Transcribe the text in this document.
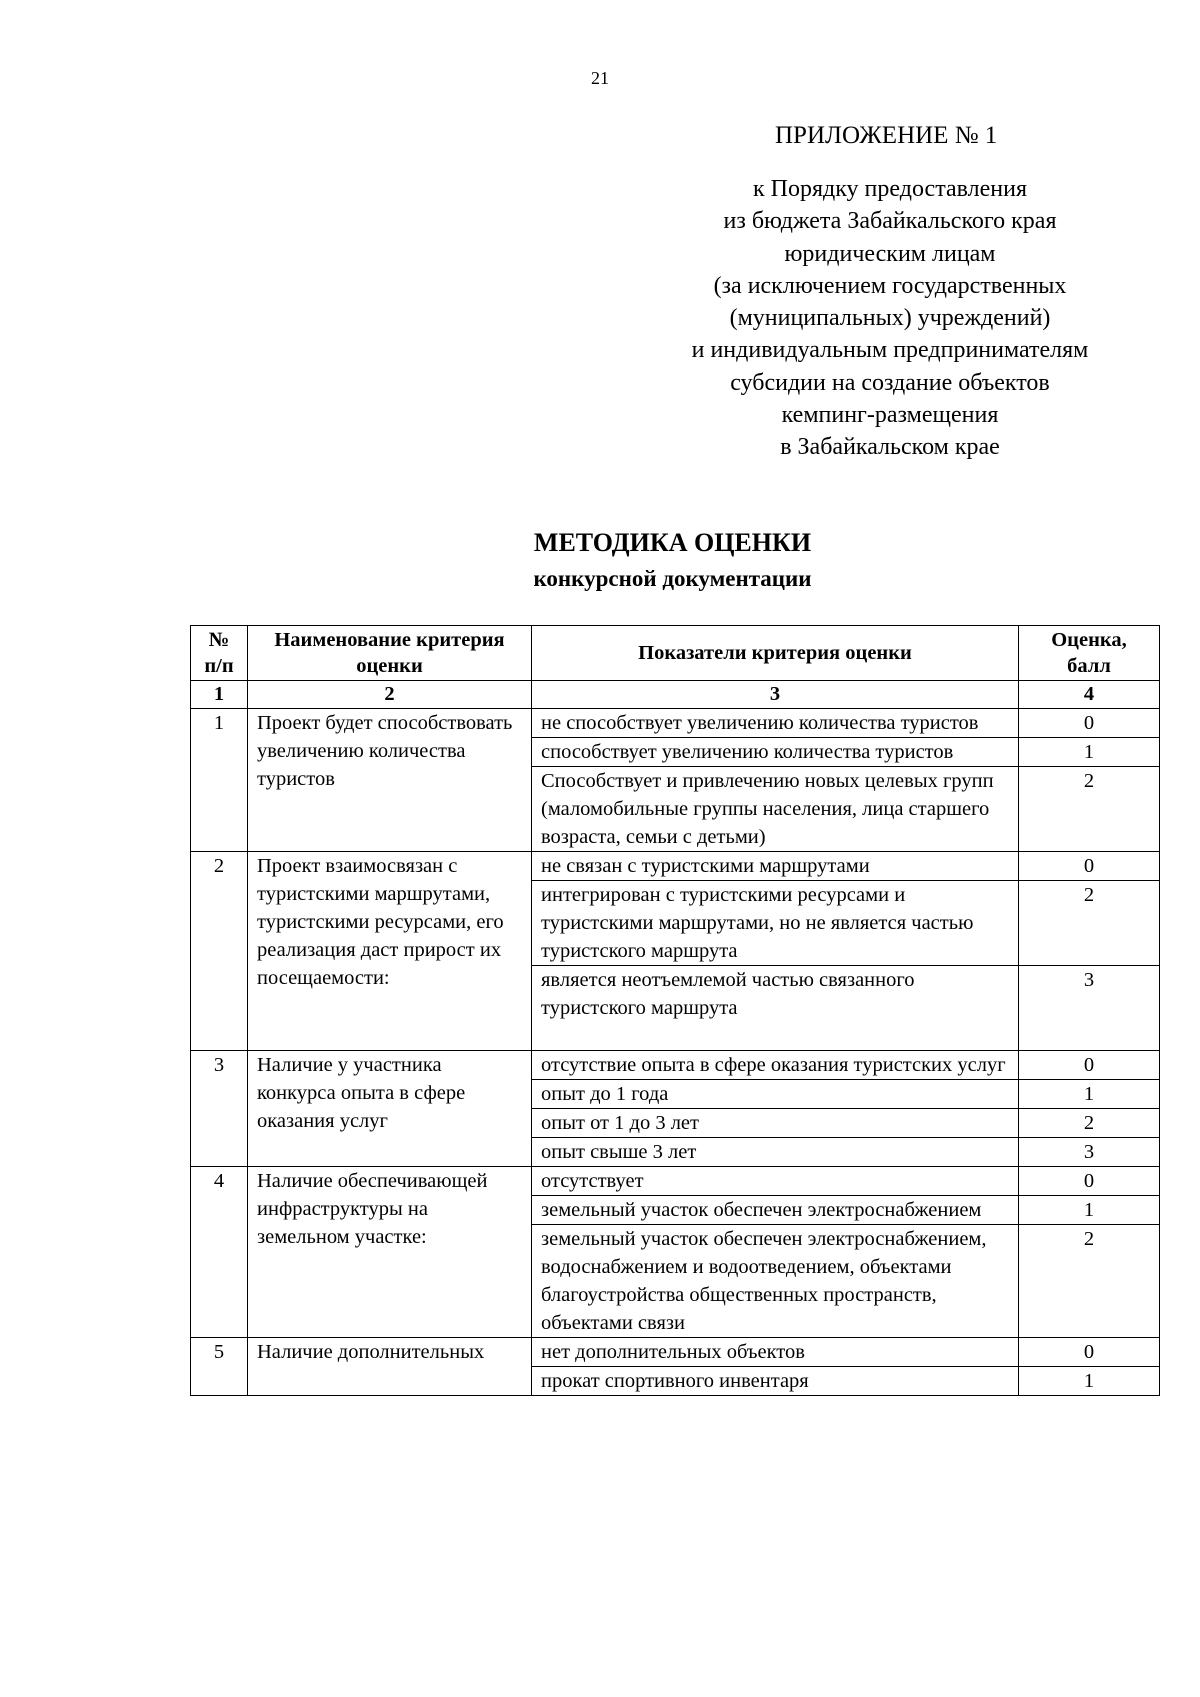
21
ПРИЛОЖЕНИЕ № 1
к Порядку предоставления
из бюджета Забайкальского края
юридическим лицам
(за исключением государственных
(муниципальных) учреждений)
и индивидуальным предпринимателям
субсидии на создание объектов
кемпинг-размещения
в Забайкальском крае
МЕТОДИКА ОЦЕНКИ
конкурсной документации
№ п/п	Наименование критерия оценки	Показатели критерия оценки	Оценка, балл
1	2	3	4
1	Проект будет способствовать увеличению количества туристов	не способствует увеличению количества туристов	0
		способствует увеличению количества туристов	1
		Способствует и привлечению новых целевых групп (маломобильные группы населения, лица старшего возраста, семьи с детьми)	2
2	Проект взаимосвязан с туристскими маршрутами, туристскими ресурсами, его реализация даст прирост их посещаемости:	не связан с туристскими маршрутами	0
		интегрирован с туристскими ресурсами и туристскими маршрутами, но не является частью туристского маршрута	2
		является неотъемлемой частью связанного туристского маршрута	3
3	Наличие у участника конкурса опыта в сфере оказания услуг	отсутствие опыта в сфере оказания туристских услуг	0
		опыт до 1 года	1
		опыт от 1 до 3 лет	2
		опыт свыше 3 лет	3
4	Наличие обеспечивающей инфраструктуры на земельном участке:	отсутствует	0
		земельный участок обеспечен электроснабжением	1
		земельный участок обеспечен электроснабжением, водоснабжением и водоотведением, объектами благоустройства общественных пространств, объектами связи	2
5	Наличие дополнительных	нет дополнительных объектов	0
		прокат спортивного инвентаря	1
